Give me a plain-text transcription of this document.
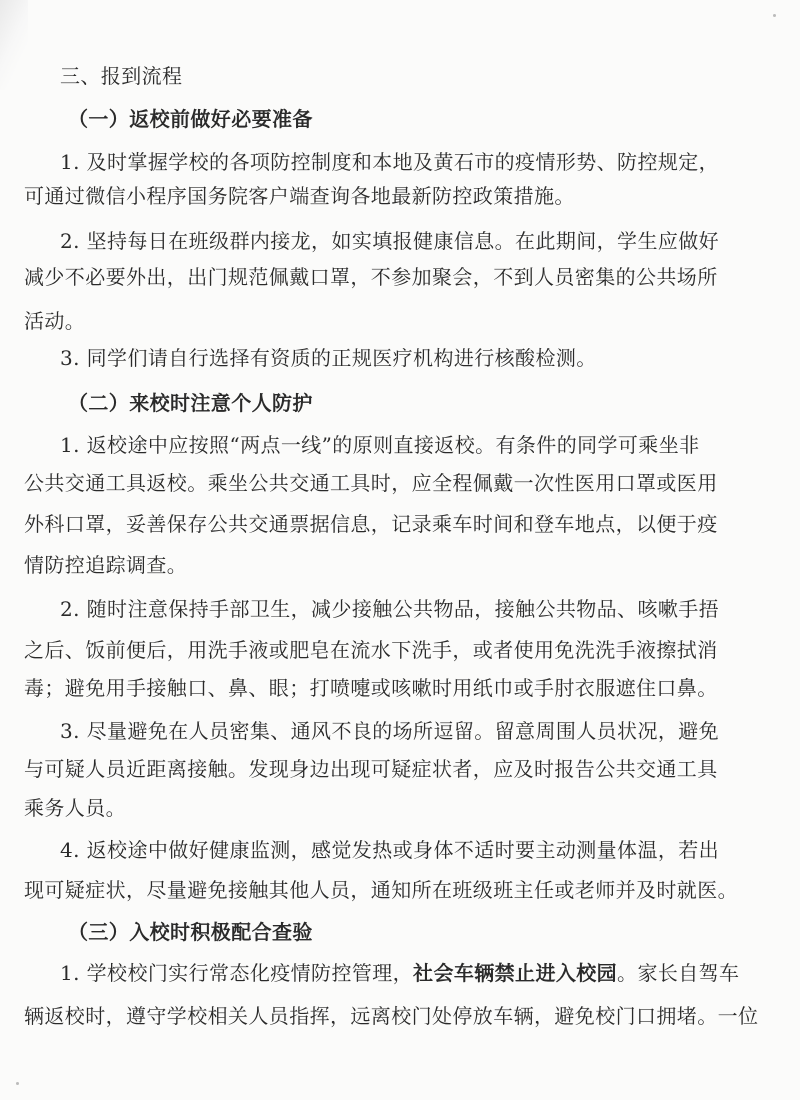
三、报到流程
（一）返校前做好必要准备
1. 及时掌握学校的各项防控制度和本地及黄石市的疫情形势、防控规定，
可通过微信小程序国务院客户端查询各地最新防控政策措施。
2. 坚持每日在班级群内接龙，如实填报健康信息。在此期间，学生应做好
减少不必要外出，出门规范佩戴口罩，不参加聚会，不到人员密集的公共场所
活动。
3. 同学们请自行选择有资质的正规医疗机构进行核酸检测。
（二）来校时注意个人防护
1. 返校途中应按照“两点一线”的原则直接返校。有条件的同学可乘坐非
公共交通工具返校。乘坐公共交通工具时，应全程佩戴一次性医用口罩或医用
外科口罩，妥善保存公共交通票据信息，记录乘车时间和登车地点，以便于疫
情防控追踪调查。
2. 随时注意保持手部卫生，减少接触公共物品，接触公共物品、咳嗽手捂
之后、饭前便后，用洗手液或肥皂在流水下洗手，或者使用免洗洗手液擦拭消
毒；避免用手接触口、鼻、眼；打喷嚏或咳嗽时用纸巾或手肘衣服遮住口鼻。
3. 尽量避免在人员密集、通风不良的场所逗留。留意周围人员状况，避免
与可疑人员近距离接触。发现身边出现可疑症状者，应及时报告公共交通工具
乘务人员。
4. 返校途中做好健康监测，感觉发热或身体不适时要主动测量体温，若出
现可疑症状，尽量避免接触其他人员，通知所在班级班主任或老师并及时就医。
（三）入校时积极配合查验
1. 学校校门实行常态化疫情防控管理，社会车辆禁止进入校园。家长自驾车
辆返校时，遵守学校相关人员指挥，远离校门处停放车辆，避免校门口拥堵。一位
